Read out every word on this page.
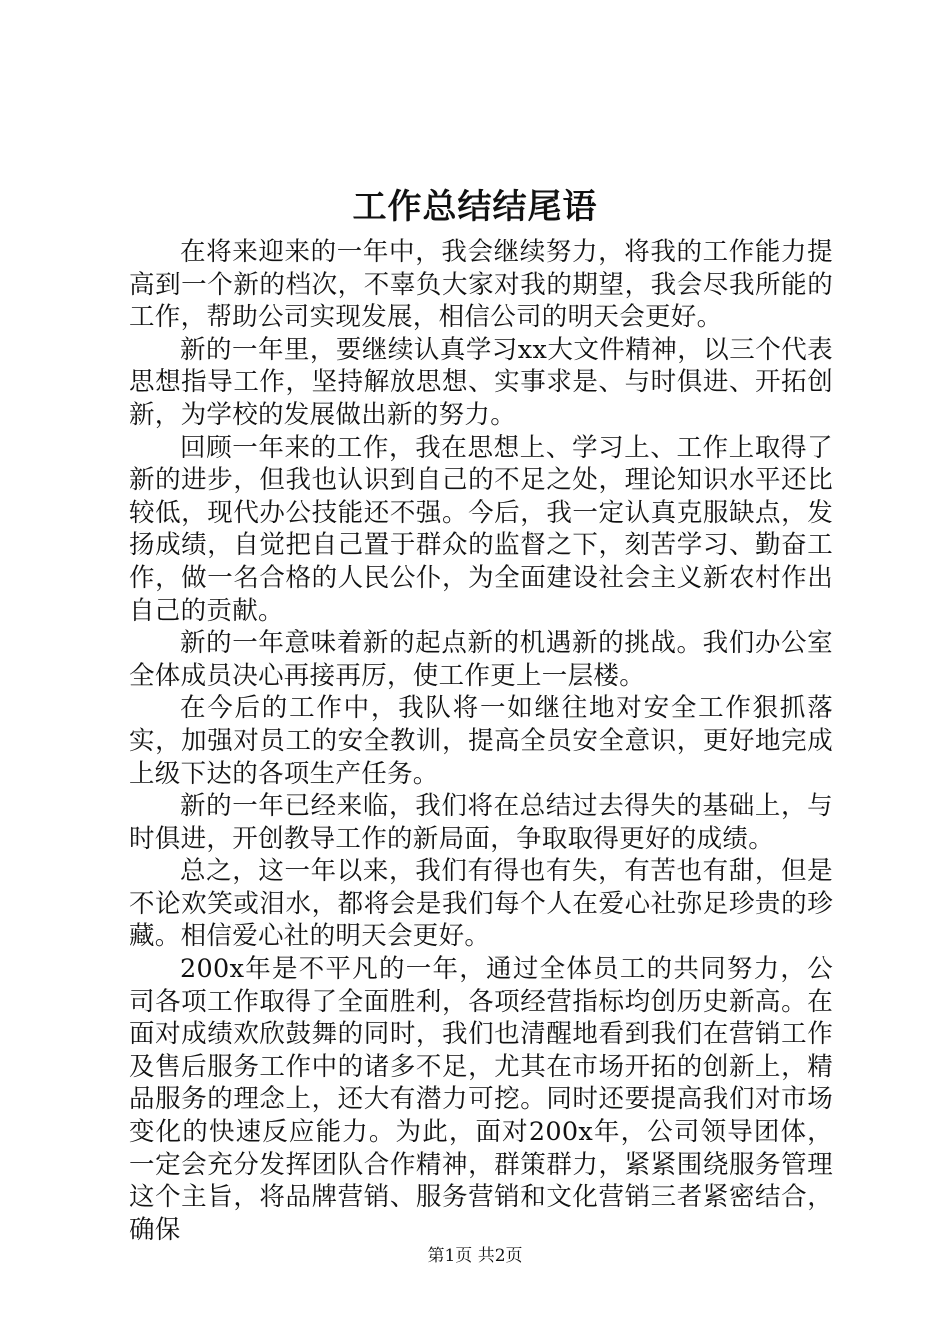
工作总结结尾语

在将来迎来的一年中，我会继续努力，将我的工作能力提高到一个新的档次，不辜负大家对我的期望，我会尽我所能的工作，帮助公司实现发展，相信公司的明天会更好。

新的一年里，要继续认真学习xx大文件精神，以三个代表思想指导工作，坚持解放思想、实事求是、与时俱进、开拓创新，为学校的发展做出新的努力。

回顾一年来的工作，我在思想上、学习上、工作上取得了新的进步，但我也认识到自己的不足之处，理论知识水平还比较低，现代办公技能还不强。今后，我一定认真克服缺点，发扬成绩，自觉把自己置于群众的监督之下，刻苦学习、勤奋工作，做一名合格的人民公仆，为全面建设社会主义新农村作出自己的贡献。

新的一年意味着新的起点新的机遇新的挑战。我们办公室全体成员决心再接再厉，使工作更上一层楼。

在今后的工作中，我队将一如继往地对安全工作狠抓落实，加强对员工的安全教训，提高全员安全意识，更好地完成上级下达的各项生产任务。

新的一年已经来临，我们将在总结过去得失的基础上，与时俱进，开创教导工作的新局面，争取取得更好的成绩。

总之，这一年以来，我们有得也有失，有苦也有甜，但是不论欢笑或泪水，都将会是我们每个人在爱心社弥足珍贵的珍藏。相信爱心社的明天会更好。

200x年是不平凡的一年，通过全体员工的共同努力，公司各项工作取得了全面胜利，各项经营指标均创历史新高。在面对成绩欢欣鼓舞的同时，我们也清醒地看到我们在营销工作及售后服务工作中的诸多不足，尤其在市场开拓的创新上，精品服务的理念上，还大有潜力可挖。同时还要提高我们对市场变化的快速反应能力。为此，面对200x年，公司领导团体，一定会充分发挥团队合作精神，群策群力，紧紧围绕服务管理这个主旨，将品牌营销、服务营销和文化营销三者紧密结合，确保

第1页 共2页
